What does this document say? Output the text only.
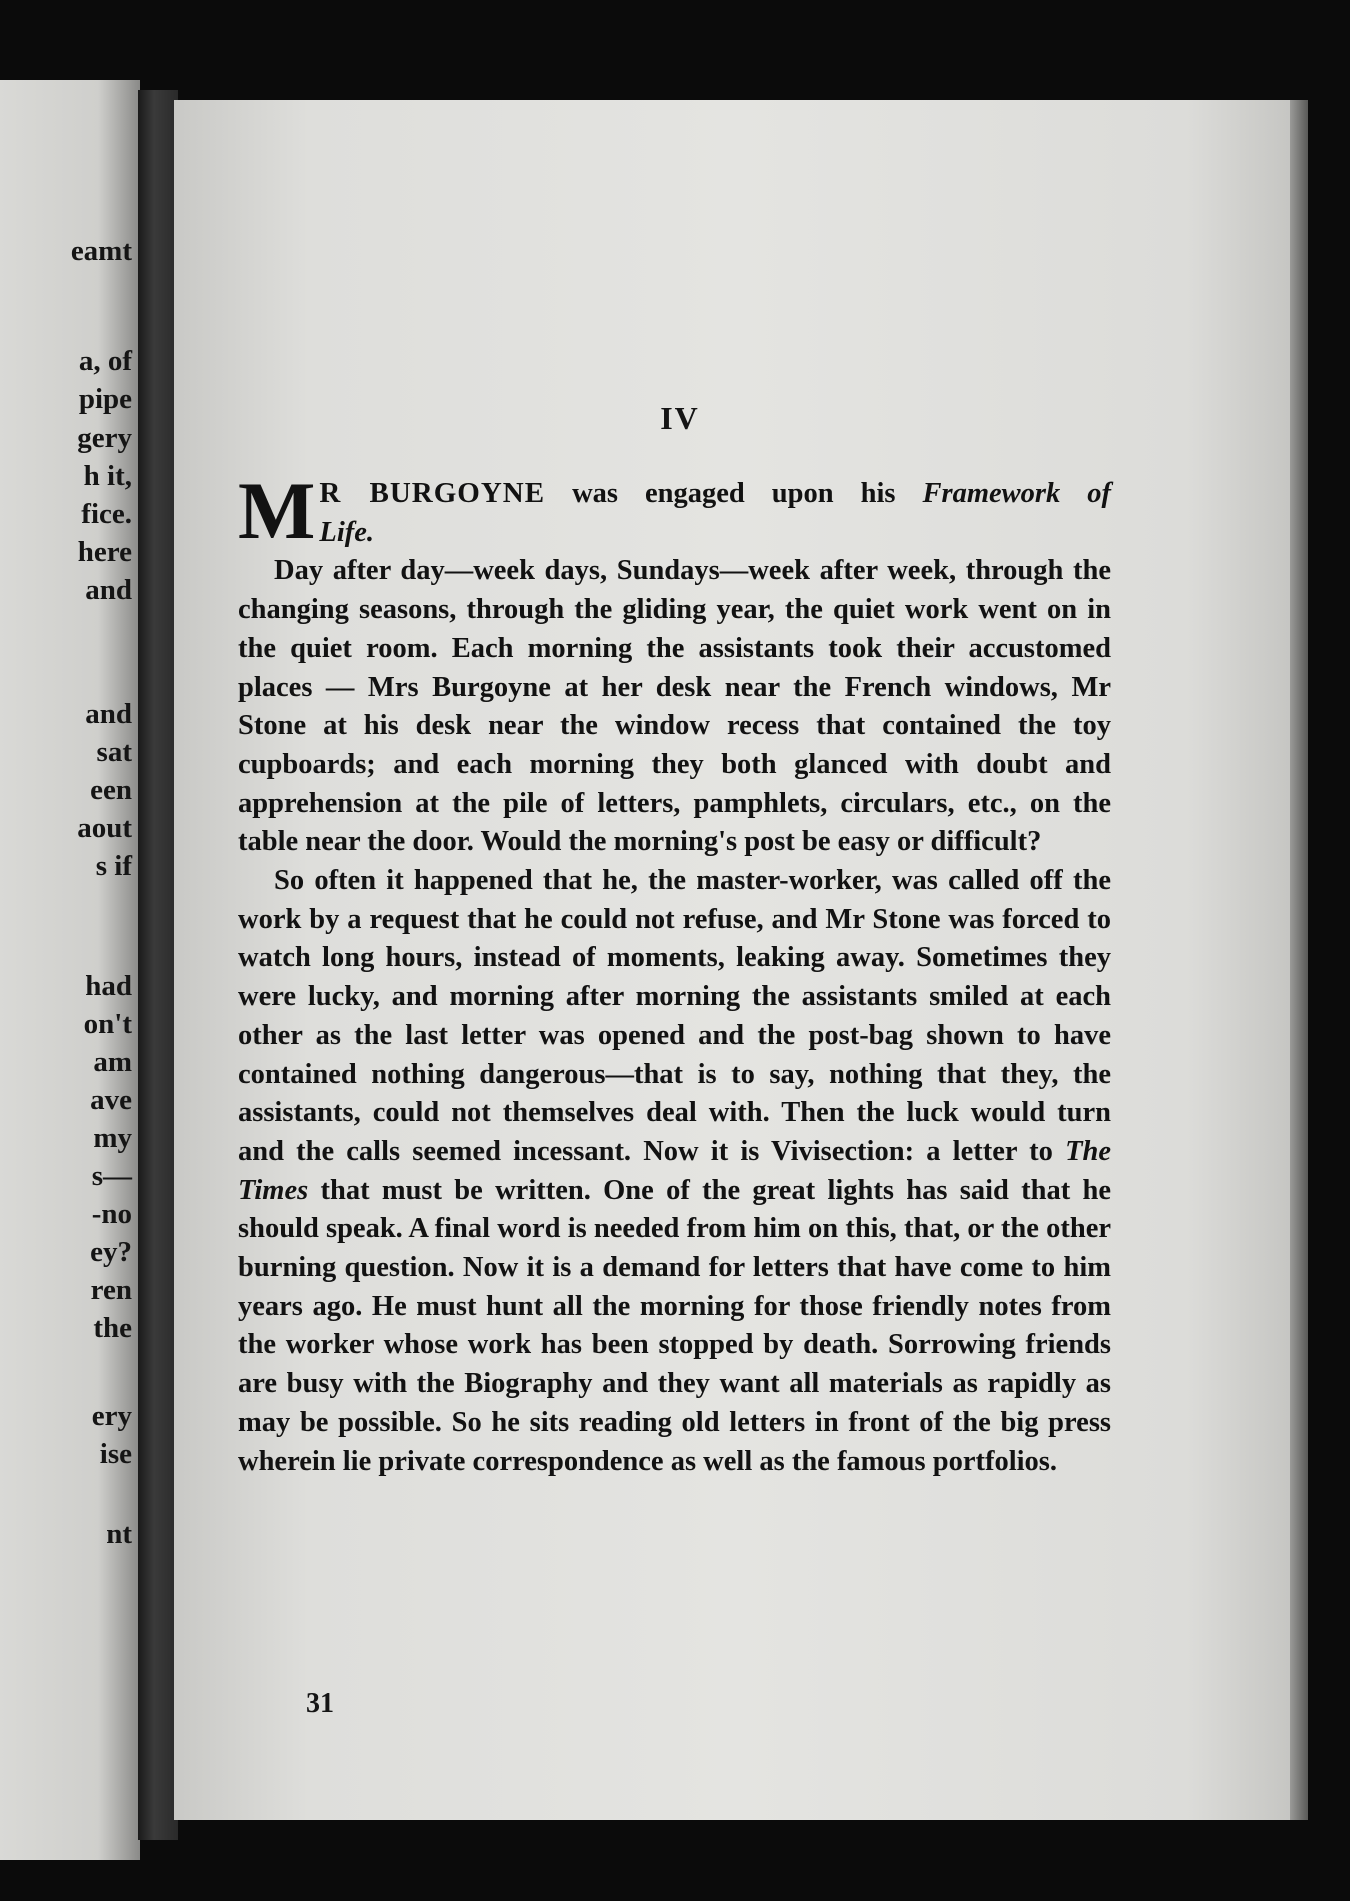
eamt
a, of
pipe
gery
h it,
fice.
here
and
and
sat
een
aout
s if
had
on't
am
ave
my
s—
-no
ey?
ren
the
ery
ise
nt
IV
M R BURGOYNE was engaged upon his Framework of

Life.

Day after day—week days, Sundays—week after week, through the changing seasons, through the gliding year, the quiet work went on in the quiet room. Each morning the assistants took their accustomed places — Mrs Burgoyne at her desk near the French windows, Mr Stone at his desk near the window recess that contained the toy cupboards; and each morning they both glanced with doubt and apprehension at the pile of letters, pamphlets, circulars, etc., on the table near the door. Would the morning's post be easy or difficult?

So often it happened that he, the master-worker, was called off the work by a request that he could not refuse, and Mr Stone was forced to watch long hours, instead of moments, leaking away. Sometimes they were lucky, and morning after morning the assistants smiled at each other as the last letter was opened and the post-bag shown to have contained nothing dangerous—that is to say, nothing that they, the assistants, could not themselves deal with. Then the luck would turn and the calls seemed incessant. Now it is Vivisection: a letter to The Times that must be written. One of the great lights has said that he should speak. A final word is needed from him on this, that, or the other burning question. Now it is a demand for letters that have come to him years ago. He must hunt all the morning for those friendly notes from the worker whose work has been stopped by death. Sorrowing friends are busy with the Biography and they want all materials as rapidly as may be possible. So he sits reading old letters in front of the big press wherein lie private correspondence as well as the famous portfolios.

31
